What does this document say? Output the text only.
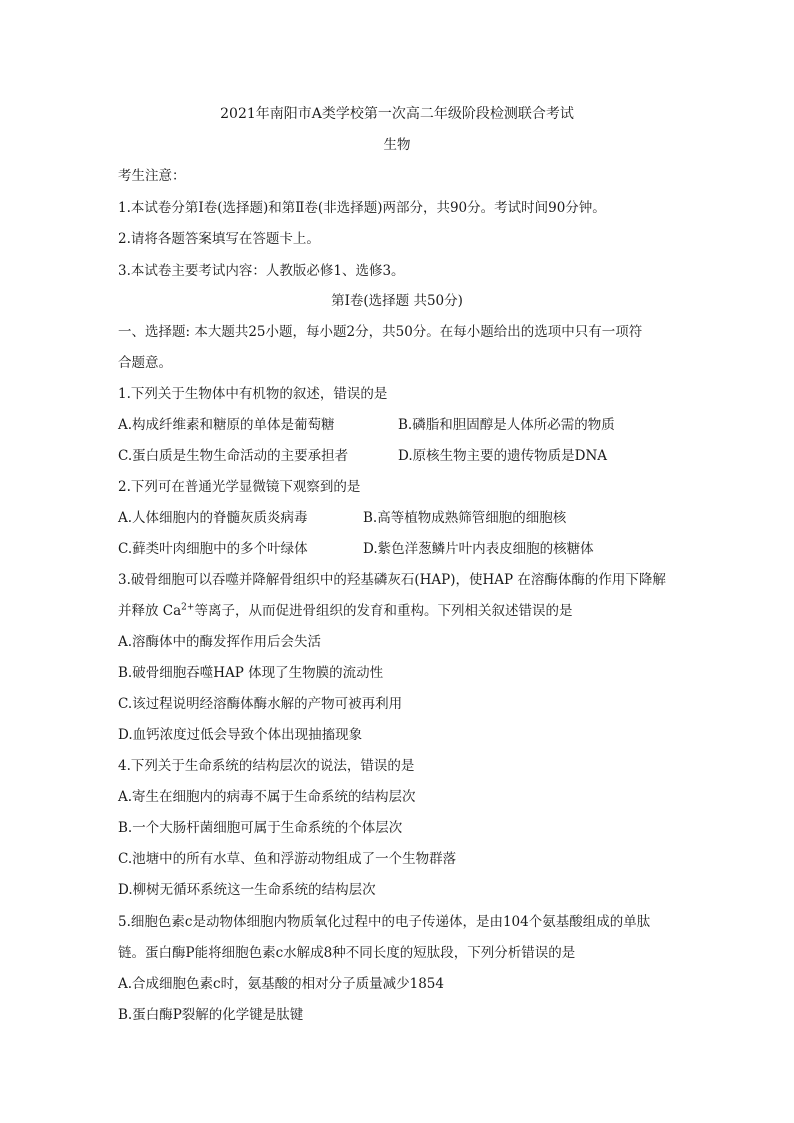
2021年南阳市A类学校第一次高二年级阶段检测联合考试
生物
考生注意：
1.本试卷分第Ⅰ卷(选择题)和第Ⅱ卷(非选择题)两部分，共90分。考试时间90分钟。
2.请将各题答案填写在答题卡上。
3.本试卷主要考试内容：人教版必修1、选修3。
第Ⅰ卷(选择题 共50分)
一、选择题: 本大题共25小题，每小题2分，共50分。在每小题给出的选项中只有一项符
合题意。
1.下列关于生物体中有机物的叙述，错误的是
A.构成纤维素和糖原的单体是葡萄糖	B.磷脂和胆固醇是人体所必需的物质
C.蛋白质是生物生命活动的主要承担者	D.原核生物主要的遗传物质是DNA
2.下列可在普通光学显微镜下观察到的是
A.人体细胞内的脊髓灰质炎病毒	B.高等植物成熟筛管细胞的细胞核
C.藓类叶肉细胞中的多个叶绿体	D.紫色洋葱鳞片叶内表皮细胞的核糖体
3.破骨细胞可以吞噬并降解骨组织中的羟基磷灰石(HAP)，使HAP 在溶酶体酶的作用下降解
并释放 $Ca^{2+}$等离子，从而促进骨组织的发育和重构。下列相关叙述错误的是
A.溶酶体中的酶发挥作用后会失活
B.破骨细胞吞噬HAP 体现了生物膜的流动性
C.该过程说明经溶酶体酶水解的产物可被再利用
D.血钙浓度过低会导致个体出现抽搐现象
4.下列关于生命系统的结构层次的说法，错误的是
A.寄生在细胞内的病毒不属于生命系统的结构层次
B.一个大肠杆菌细胞可属于生命系统的个体层次
C.池塘中的所有水草、鱼和浮游动物组成了一个生物群落
D.柳树无循环系统这一生命系统的结构层次
5.细胞色素c是动物体细胞内物质氧化过程中的电子传递体，是由104个氨基酸组成的单肽
链。蛋白酶P能将细胞色素c水解成8种不同长度的短肽段，下列分析错误的是
A.合成细胞色素c时，氨基酸的相对分子质量减少1854
B.蛋白酶P裂解的化学键是肽键
